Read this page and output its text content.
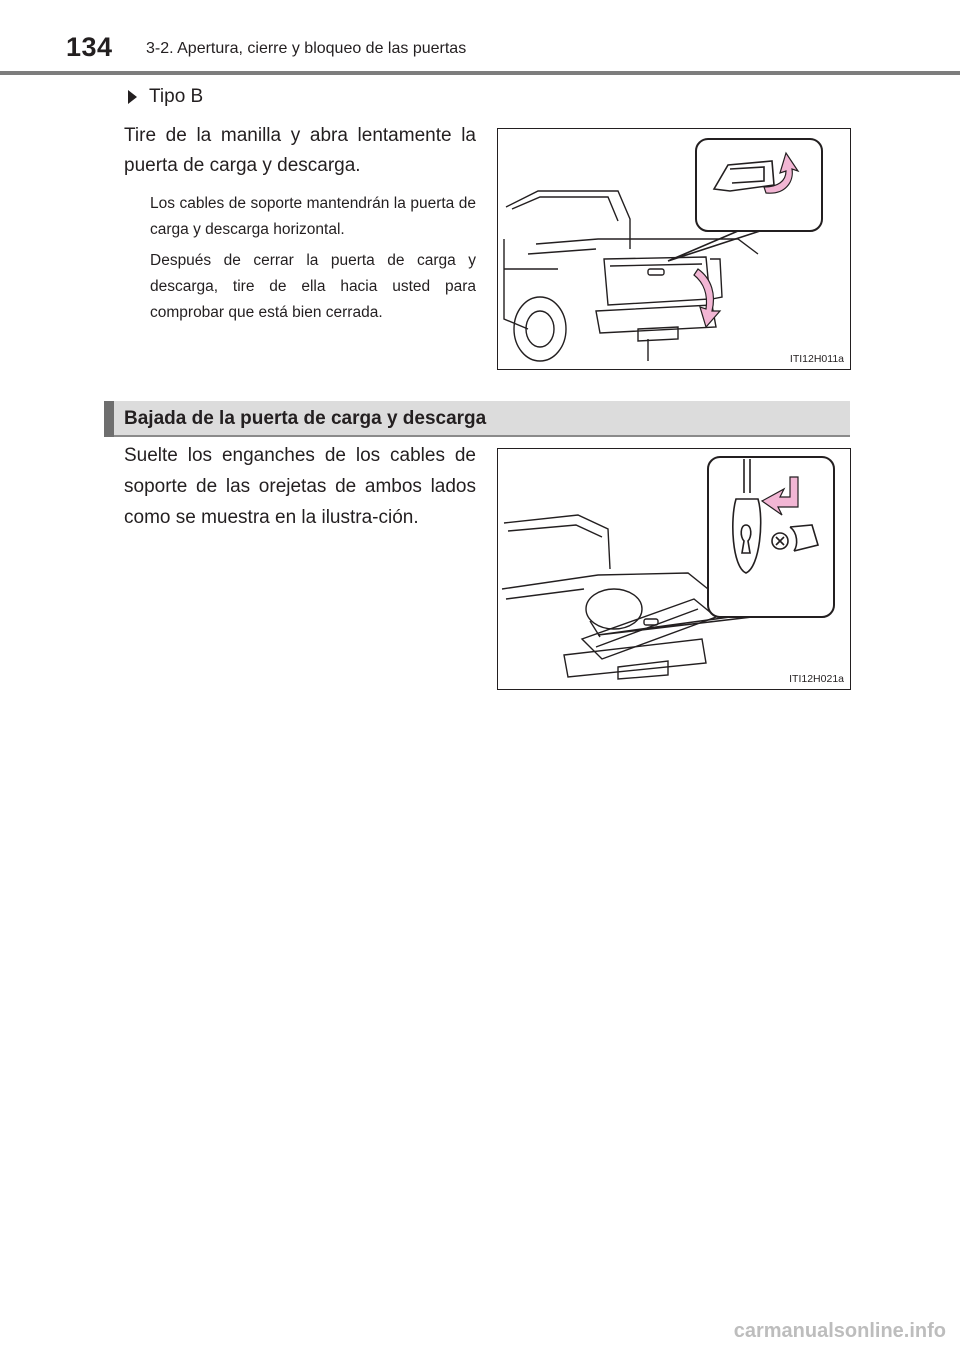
134 3-2. Apertura, cierre y bloqueo de las puertas
Tipo B

Tire de la manilla y abra lentamente la puerta de carga y descarga.

Los cables de soporte mantendrán la puerta de carga y descarga horizontal.

Después de cerrar la puerta de carga y descarga, tire de ella hacia usted para comprobar que está bien cerrada.

ITI12H011a
Bajada de la puerta de carga y descarga

Suelte los enganches de los cables de soporte de las orejetas de ambos lados como se muestra en la ilustra-ción.

ITI12H021a
carmanualsonline.info
